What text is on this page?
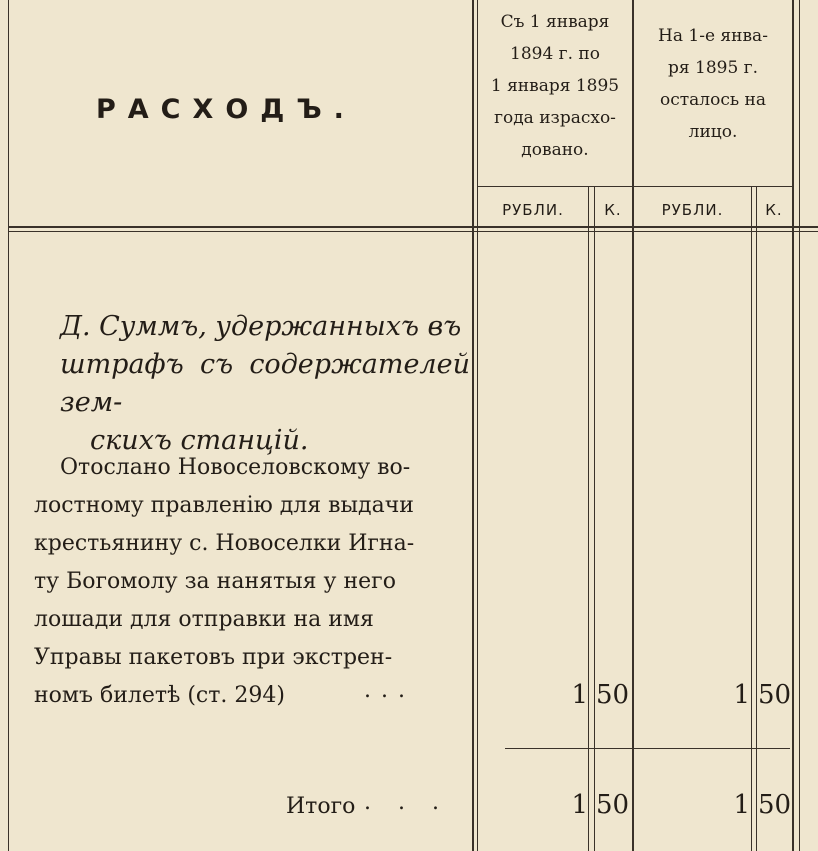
РАСХОДЪ.
Съ 1 января
1894 г. по
1 января 1895
года израсхо-
довано.
На 1-е янва-
ря 1895 г.
осталось на
лицо.
РУБЛИ.	К.	РУБЛИ.	К.
Д. Суммъ, удержанныхъ въ
штрафъ съ содержателей зем-
скихъ станцій.
Отослано Новоселовскому во-
лостному правленію для выдачи
крестьянину с. Новоселки Игна-
ту Богомолу за нанятыя у него
лошади для отправки на имя
Управы пакетовъ при экстрен-
номъ билетѣ (ст. 294)	...	1 50	1 50
Итого . . .	1 50	1 50
